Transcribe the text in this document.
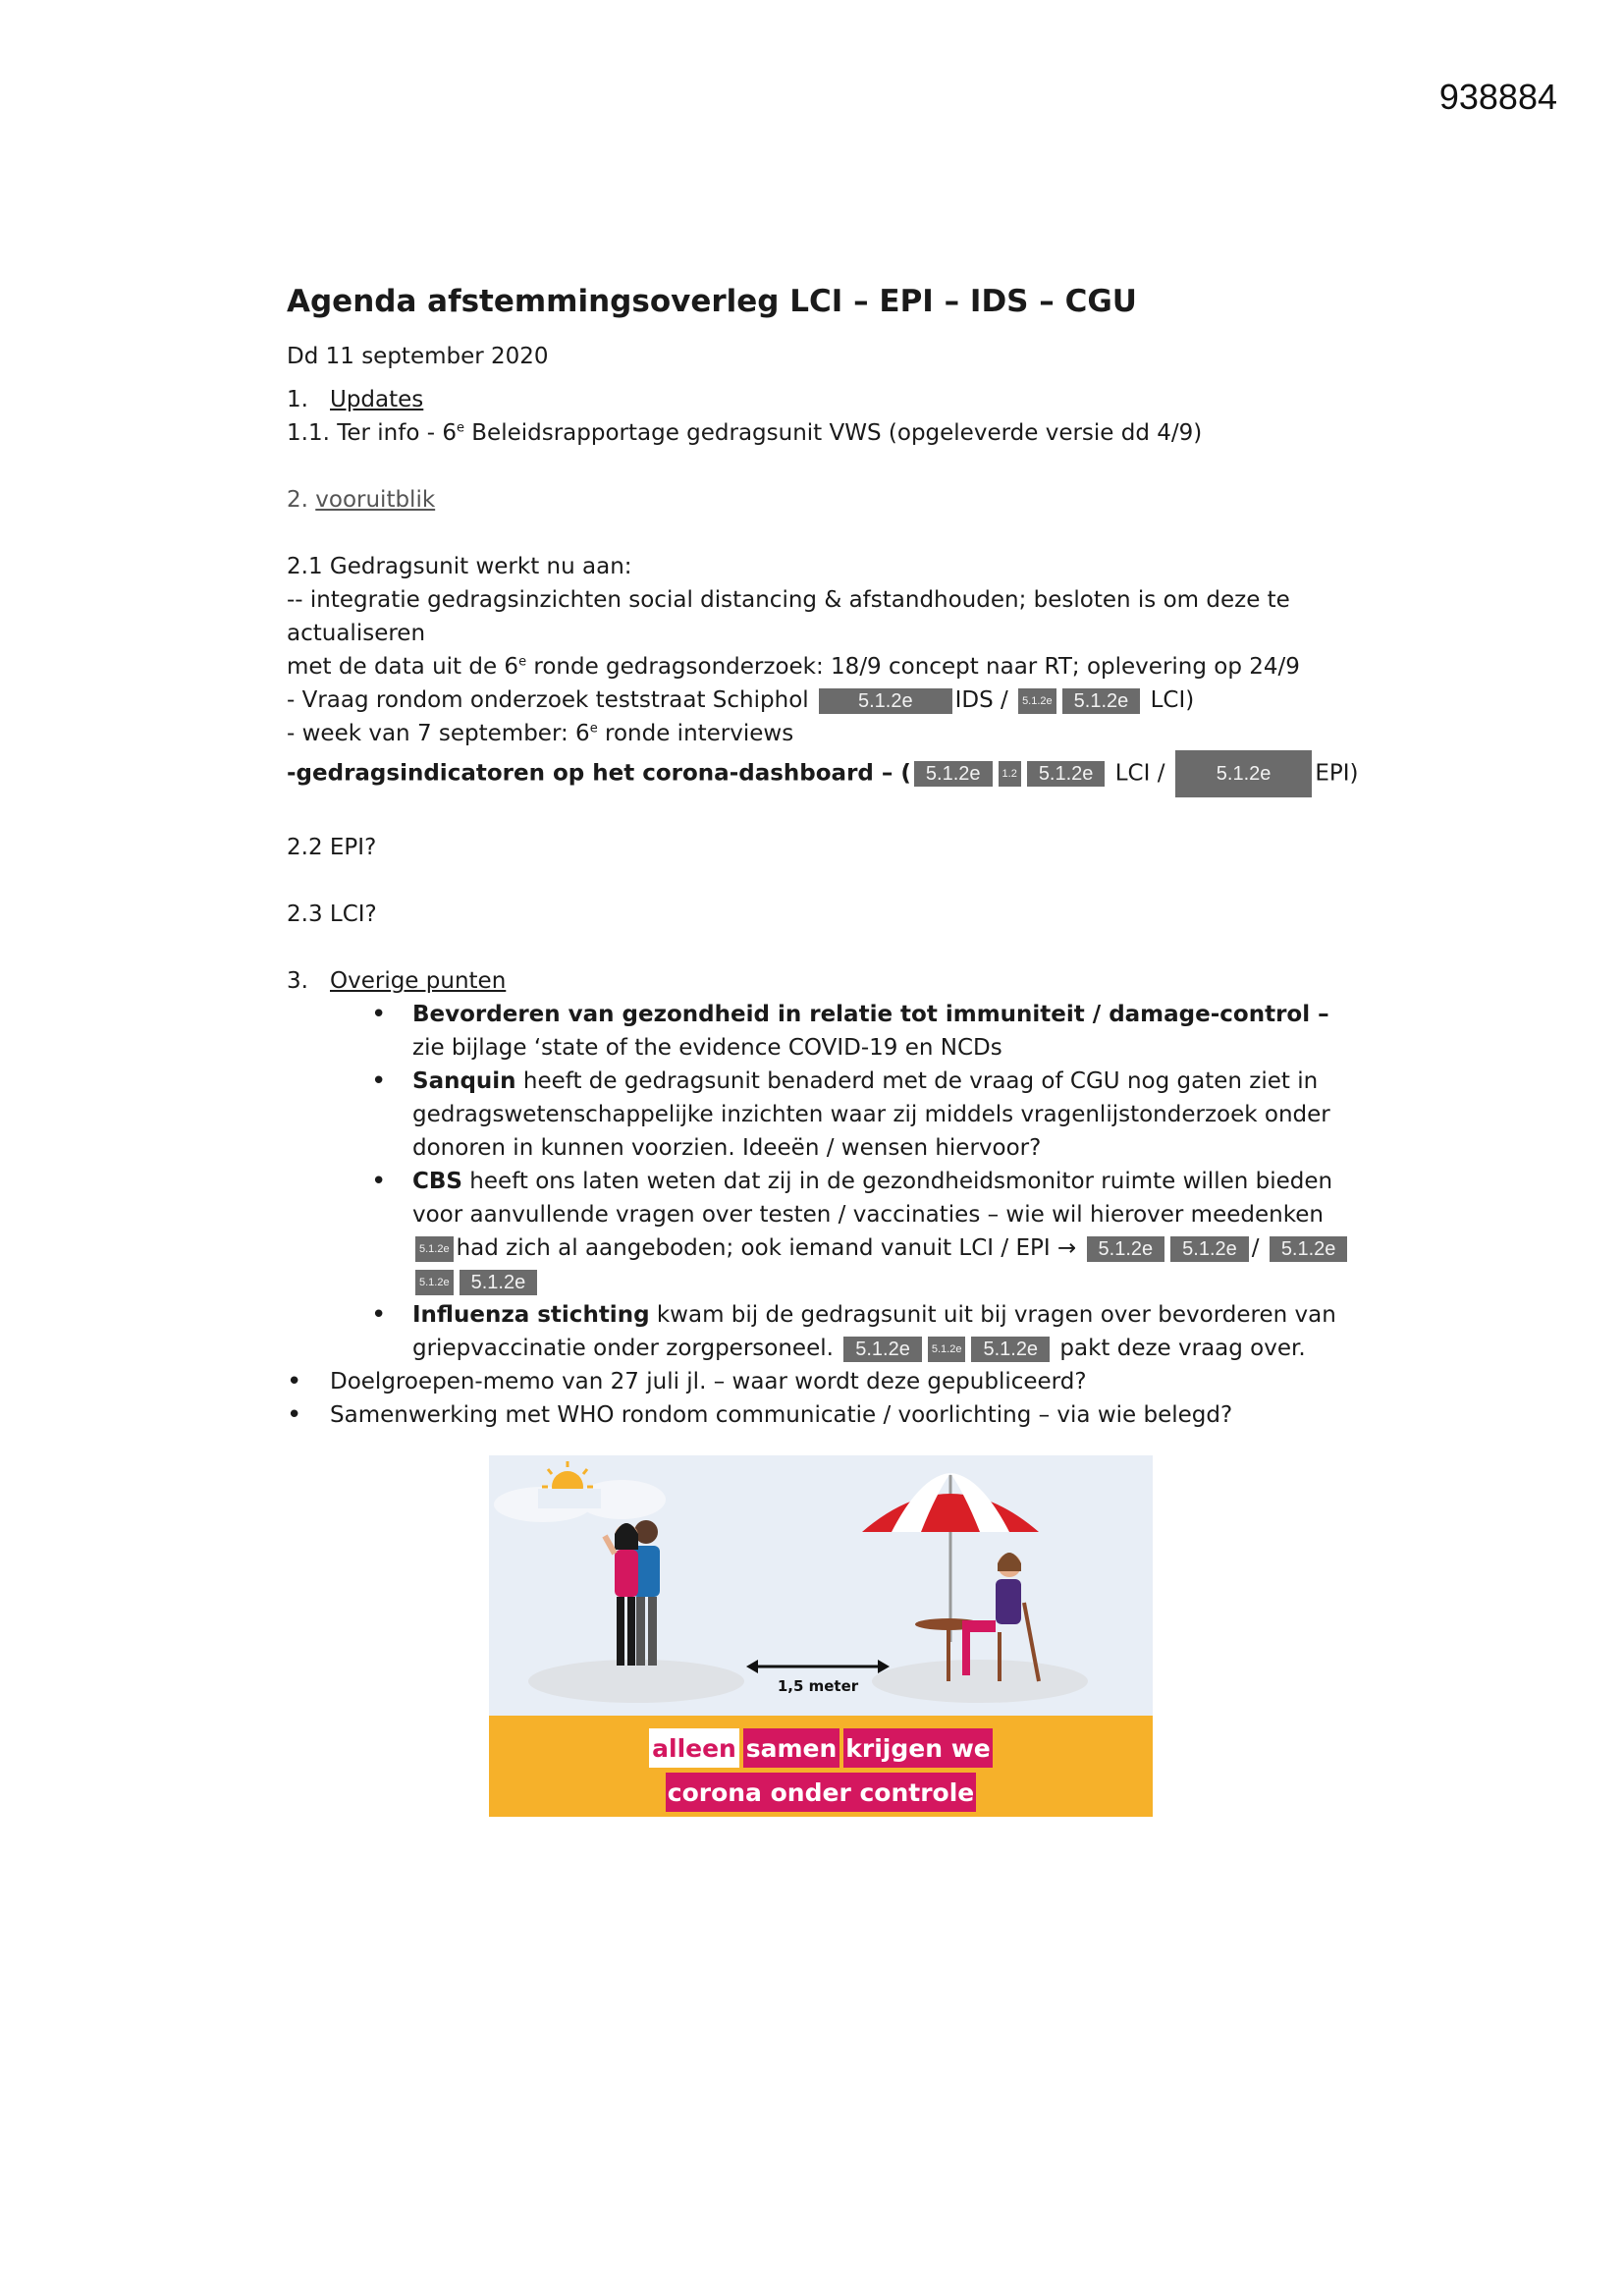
938884

Agenda afstemmingsoverleg LCI – EPI – IDS – CGU

Dd 11 september 2020

1. Updates

1.1. Ter info - 6e Beleidsrapportage gedragsunit VWS (opgeleverde versie dd 4/9)

2. vooruitblik

2.1 Gedragsunit werkt nu aan:

-- integratie gedragsinzichten social distancing & afstandhouden; besloten is om deze te actualiseren

met de data uit de 6e ronde gedragsonderzoek: 18/9 concept naar RT; oplevering op 24/9

- Vraag rondom onderzoek teststraat Schiphol 5.1.2e IDS / 5.1.2e 5.1.2e LCI)

- week van 7 september: 6e ronde interviews

-gedragsindicatoren op het corona-dashboard – ( 5.1.2e 1.2 5.1.2e LCI / 5.1.2e EPI)

2.2 EPI?

2.3 LCI?

3. Overige punten

• Bevorderen van gezondheid in relatie tot immuniteit / damage-control – zie bijlage ‘state of the evidence COVID-19 en NCDs
• Sanquin heeft de gedragsunit benaderd met de vraag of CGU nog gaten ziet in gedragswetenschappelijke inzichten waar zij middels vragenlijstonderzoek onder donoren in kunnen voorzien. Ideeën / wensen hiervoor?
• CBS heeft ons laten weten dat zij in de gezondheidsmonitor ruimte willen bieden voor aanvullende vragen over testen / vaccinaties – wie wil hierover meedenken 5.1.2e had zich al aangeboden; ook iemand vanuit LCI / EPI → 5.1.2e 5.1.2e / 5.1.2e5.1.2e 5.1.2e
• Influenza stichting kwam bij de gedragsunit uit bij vragen over bevorderen van griepvaccinatie onder zorgpersoneel. 5.1.2e 5.1.2e 5.1.2e pakt deze vraag over.
• Doelgroepen-memo van 27 juli jl. – waar wordt deze gepubliceerd?
• Samenwerking met WHO rondom communicatie / voorlichting – via wie belegd?
1,5 meter
alleen samen krijgen we
corona onder controle
